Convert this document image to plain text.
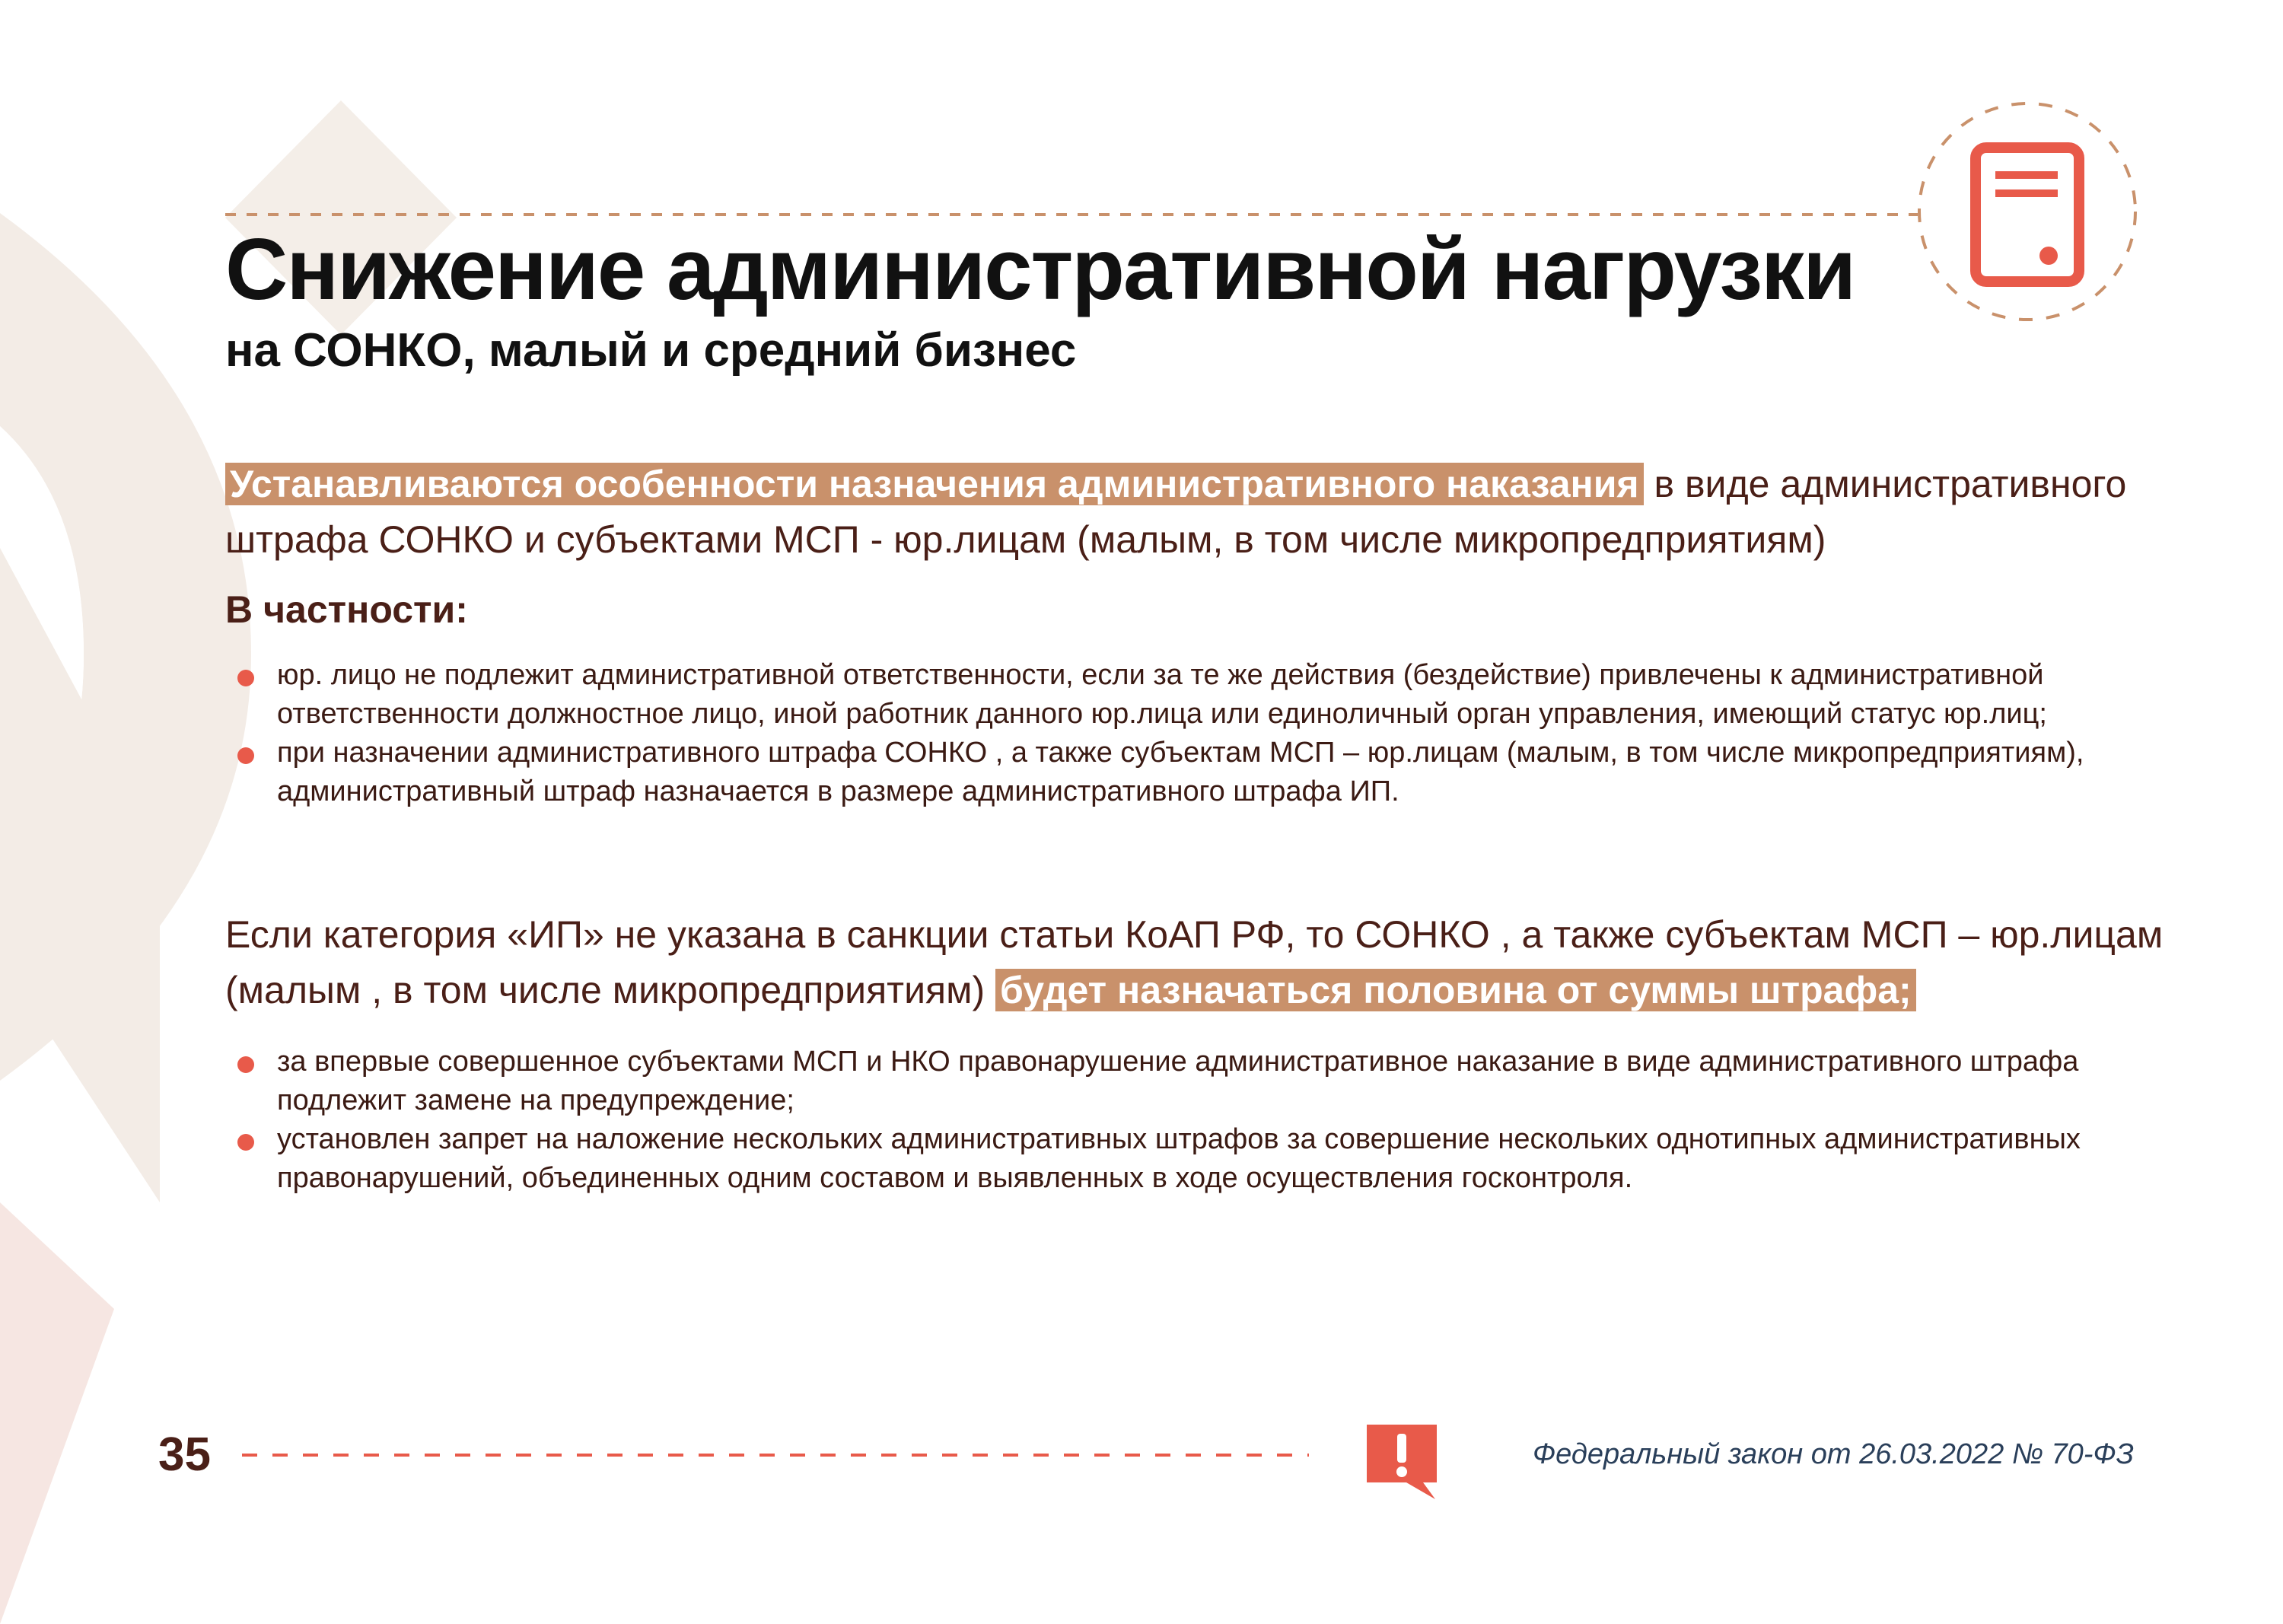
Снижение административной нагрузки
на СОНКО, малый и средний бизнес
Устанавливаются особенности назначения административного наказания в виде административного штрафа СОНКО и субъектами МСП - юр.лицам (малым, в том числе микропредприятиям)
В частности:
юр. лицо не подлежит административной ответственности, если за те же действия (бездействие) привлечены к административной ответственности должностное лицо, иной работник данного юр.лица или единоличный орган управления, имеющий статус юр.лиц;
при назначении административного штрафа СОНКО , а также субъектам МСП – юр.лицам (малым, в том числе микропредприятиям), административный штраф назначается в размере административного штрафа ИП.
Если категория «ИП» не указана в санкции статьи КоАП РФ, то СОНКО , а также субъектам МСП – юр.лицам (малым , в том числе микропредприятиям) будет назначаться половина от суммы штрафа;
за впервые совершенное субъектами МСП и НКО правонарушение административное наказание в виде административного штрафа подлежит замене на предупреждение;
установлен запрет на наложение нескольких административных штрафов за совершение нескольких однотипных административных правонарушений, объединенных одним составом и выявленных в ходе осуществления госконтроля.
35	Федеральный закон от 26.03.2022 № 70-ФЗ
